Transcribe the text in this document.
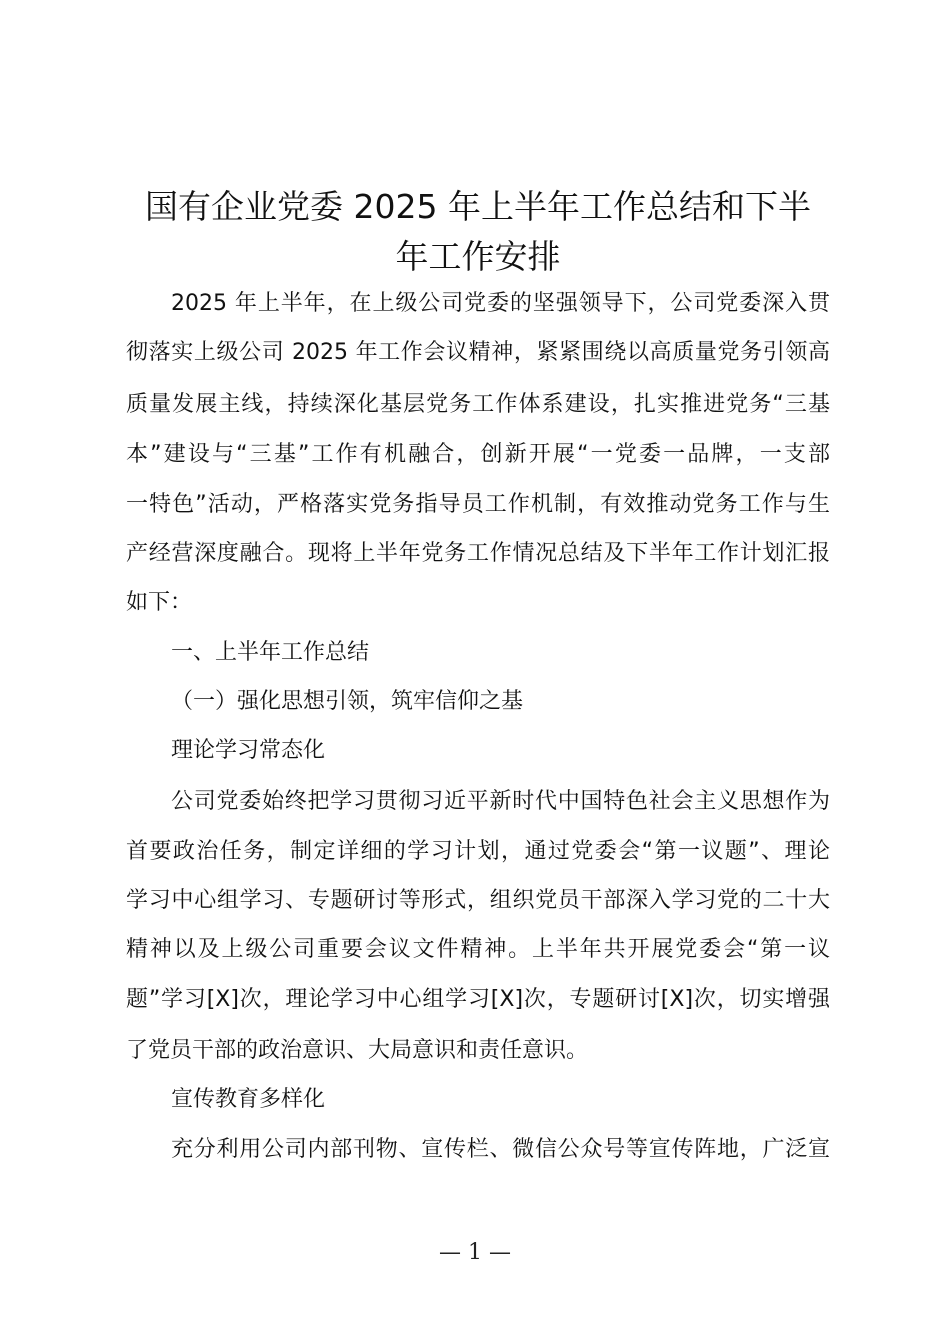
国有企业党委 2025 年上半年工作总结和下半
年工作安排
2025 年上半年，在上级公司党委的坚强领导下，公司党委深入贯
彻落实上级公司 2025 年工作会议精神，紧紧围绕以高质量党务引领高
质量发展主线，持续深化基层党务工作体系建设，扎实推进党务“三基
本”建设与“三基”工作有机融合，创新开展“一党委一品牌，一支部
一特色”活动，严格落实党务指导员工作机制，有效推动党务工作与生
产经营深度融合。现将上半年党务工作情况总结及下半年工作计划汇报
如下：
一、上半年工作总结
（一）强化思想引领，筑牢信仰之基
理论学习常态化
公司党委始终把学习贯彻习近平新时代中国特色社会主义思想作为
首要政治任务，制定详细的学习计划，通过党委会“第一议题”、理论
学习中心组学习、专题研讨等形式，组织党员干部深入学习党的二十大
精神以及上级公司重要会议文件精神。上半年共开展党委会“第一议
题”学习[X]次，理论学习中心组学习[X]次，专题研讨[X]次，切实增强
了党员干部的政治意识、大局意识和责任意识。
宣传教育多样化
充分利用公司内部刊物、宣传栏、微信公众号等宣传阵地，广泛宣
— 1 —
